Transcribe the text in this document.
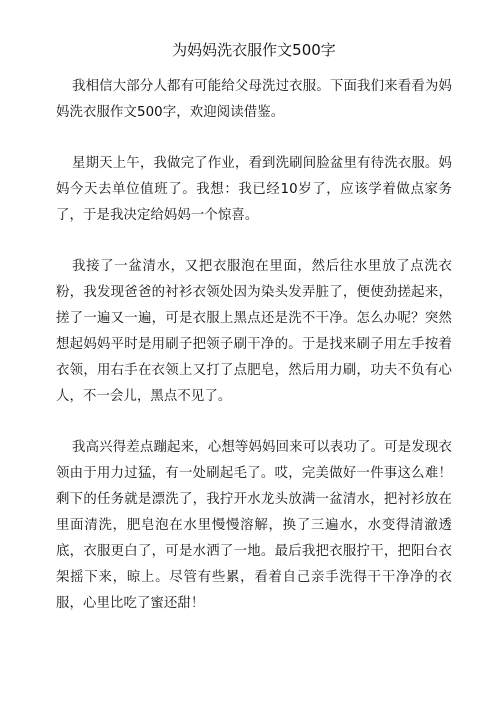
为妈妈洗衣服作文500字

我相信大部分人都有可能给父母洗过衣服。下面我们来看看为妈妈洗衣服作文500字，欢迎阅读借鉴。

星期天上午，我做完了作业，看到洗刷间脸盆里有待洗衣服。妈妈今天去单位值班了。我想：我已经10岁了，应该学着做点家务了，于是我决定给妈妈一个惊喜。

我接了一盆清水，又把衣服泡在里面，然后往水里放了点洗衣粉，我发现爸爸的衬衫衣领处因为染头发弄脏了，便使劲搓起来，搓了一遍又一遍，可是衣服上黑点还是洗不干净。怎么办呢？突然想起妈妈平时是用刷子把领子刷干净的。于是找来刷子用左手按着衣领，用右手在衣领上又打了点肥皂，然后用力刷，功夫不负有心人，不一会儿，黑点不见了。

我高兴得差点蹦起来，心想等妈妈回来可以表功了。可是发现衣领由于用力过猛，有一处刷起毛了。哎，完美做好一件事这么难！剩下的任务就是漂洗了，我拧开水龙头放满一盆清水，把衬衫放在里面清洗，肥皂泡在水里慢慢溶解，换了三遍水，水变得清澈透底，衣服更白了，可是水洒了一地。最后我把衣服拧干，把阳台衣架摇下来，晾上。尽管有些累，看着自己亲手洗得干干净净的衣服，心里比吃了蜜还甜！
